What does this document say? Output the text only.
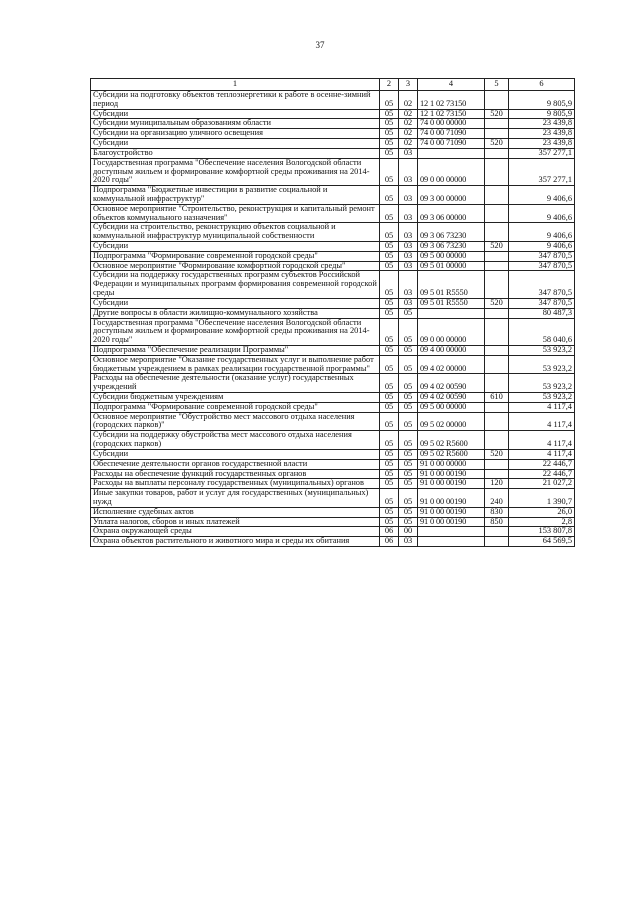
37
1	2	3	4	5	6
Субсидии на подготовку объектов теплоэнергетики к работе в осенне-зимний период	05	02	12 1 02 73150		9 805,9
Субсидии	05	02	12 1 02 73150	520	9 805,9
Субсидии муниципальным образованиям области	05	02	74 0 00 00000		23 439,8
Субсидии на организацию уличного освещения	05	02	74 0 00 71090		23 439,8
Субсидии	05	02	74 0 00 71090	520	23 439,8
Благоустройство	05	03			357 277,1
Государственная программа "Обеспечение населения Вологодской области доступным жильем и формирование комфортной среды проживания на 2014-2020 годы"	05	03	09 0 00 00000		357 277,1
Подпрограмма "Бюджетные инвестиции в развитие социальной и коммунальной инфраструктур"	05	03	09 3 00 00000		9 406,6
Основное мероприятие "Строительство, реконструкция и капитальный ремонт объектов коммунального назначения"	05	03	09 3 06 00000		9 406,6
Субсидии на строительство, реконструкцию объектов социальной и коммунальной инфраструктур муниципальной собственности	05	03	09 3 06 73230		9 406,6
Субсидии	05	03	09 3 06 73230	520	9 406,6
Подпрограмма "Формирование современной городской среды"	05	03	09 5 00 00000		347 870,5
Основное мероприятие "Формирование комфортной городской среды"	05	03	09 5 01 00000		347 870,5
Субсидии на поддержку государственных программ субъектов Российской Федерации и муниципальных программ формирования современной городской среды	05	03	09 5 01 R5550		347 870,5
Субсидии	05	03	09 5 01 R5550	520	347 870,5
Другие вопросы в области жилищно-коммунального хозяйства	05	05			80 487,3
Государственная программа "Обеспечение населения Вологодской области доступным жильем и формирование комфортной среды проживания на 2014-2020 годы"	05	05	09 0 00 00000		58 040,6
Подпрограмма "Обеспечение реализации Программы"	05	05	09 4 00 00000		53 923,2
Основное мероприятие "Оказание государственных услуг и выполнение работ бюджетным учреждением в рамках реализации государственной программы"	05	05	09 4 02 00000		53 923,2
Расходы на обеспечение деятельности (оказание услуг) государственных учреждений	05	05	09 4 02 00590		53 923,2
Субсидии бюджетным учреждениям	05	05	09 4 02 00590	610	53 923,2
Подпрограмма "Формирование современной городской среды"	05	05	09 5 00 00000		4 117,4
Основное мероприятие "Обустройство мест массового отдыха населения (городских парков)"	05	05	09 5 02 00000		4 117,4
Субсидии на поддержку обустройства мест массового отдыха населения (городских парков)	05	05	09 5 02 R5600		4 117,4
Субсидии	05	05	09 5 02 R5600	520	4 117,4
Обеспечение деятельности органов государственной власти	05	05	91 0 00 00000		22 446,7
Расходы на обеспечение функций государственных органов	05	05	91 0 00 00190		22 446,7
Расходы на выплаты персоналу государственных (муниципальных) органов	05	05	91 0 00 00190	120	21 027,2
Иные закупки товаров, работ и услуг для государственных (муниципальных) нужд	05	05	91 0 00 00190	240	1 390,7
Исполнение судебных актов	05	05	91 0 00 00190	830	26,0
Уплата налогов, сборов и иных платежей	05	05	91 0 00 00190	850	2,8
Охрана окружающей среды	06	00			153 807,8
Охрана объектов растительного и животного мира и среды их обитания	06	03			64 569,5
